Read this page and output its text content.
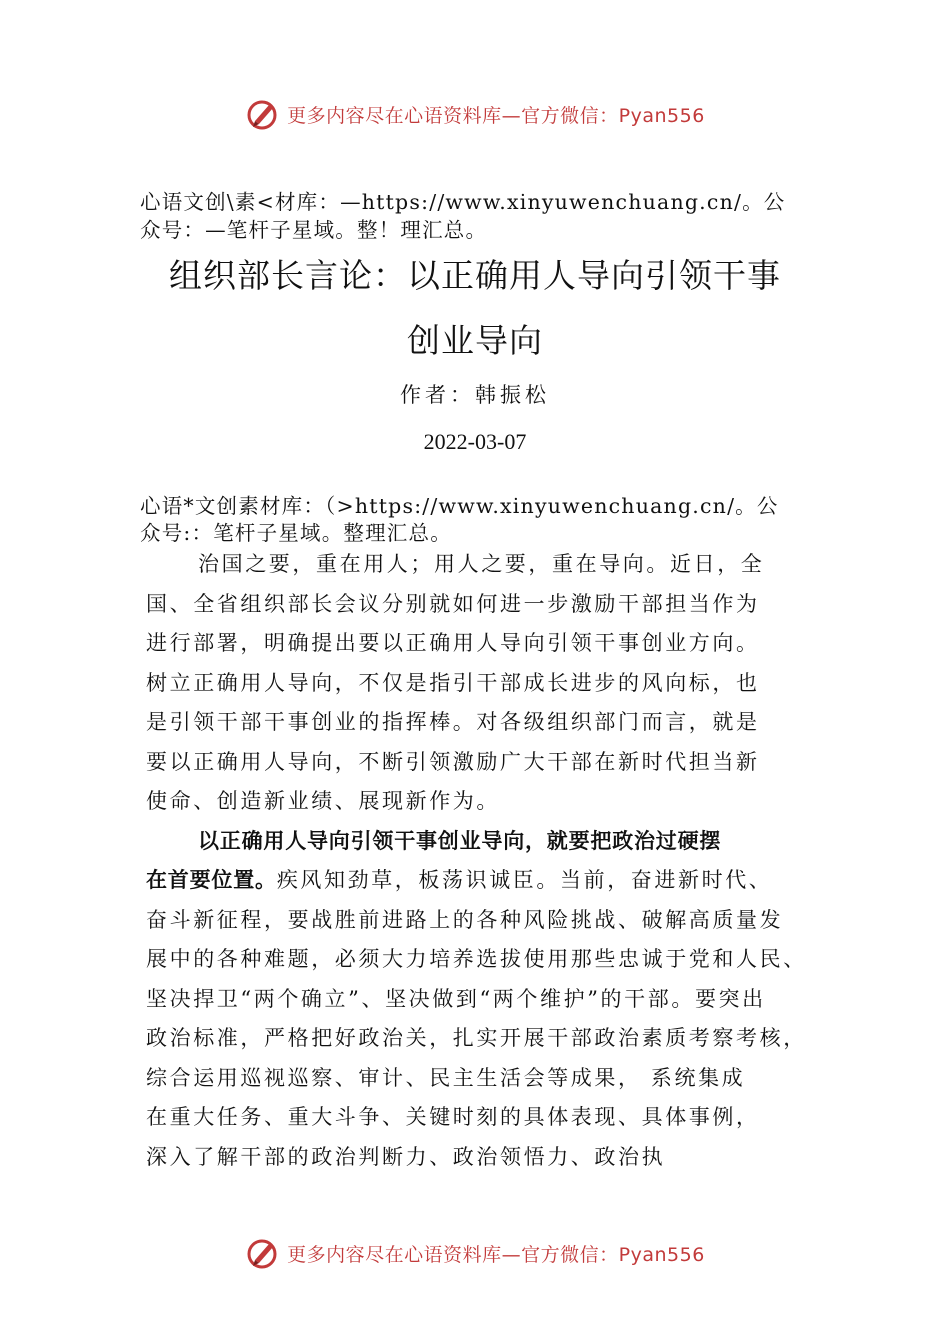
更多内容尽在心语资料库—官方微信：Pyan556
心语文创\素<材库：—https://www.xinyuwenchuang.cn/。公
众号：—笔杆子星域。整！理汇总。
组织部长言论：以正确用人导向引领干事
创业导向
作者：韩振松
2022-03-07
心语*文创素材库：（>https://www.xinyuwenchuang.cn/。公
众号:：笔杆子星域。整理汇总。
治国之要，重在用人；用人之要，重在导向。近日，全
国、全省组织部长会议分别就如何进一步激励干部担当作为
进行部署，明确提出要以正确用人导向引领干事创业方向。
树立正确用人导向，不仅是指引干部成长进步的风向标，也
是引领干部干事创业的指挥棒。对各级组织部门而言，就是
要以正确用人导向，不断引领激励广大干部在新时代担当新
使命、创造新业绩、展现新作为。
以正确用人导向引领干事创业导向，就要把政治过硬摆
在首要位置。疾风知劲草，板荡识诚臣。当前，奋进新时代、
奋斗新征程，要战胜前进路上的各种风险挑战、破解高质量发
展中的各种难题，必须大力培养选拔使用那些忠诚于党和人民、
坚决捍卫“两个确立”、坚决做到“两个维护”的干部。要突出
政治标准，严格把好政治关，扎实开展干部政治素质考察考核，
综合运用巡视巡察、审计、民主生活会等成果， 系统集成
在重大任务、重大斗争、关键时刻的具体表现、具体事例，
深入了解干部的政治判断力、政治领悟力、政治执
更多内容尽在心语资料库—官方微信：Pyan556
